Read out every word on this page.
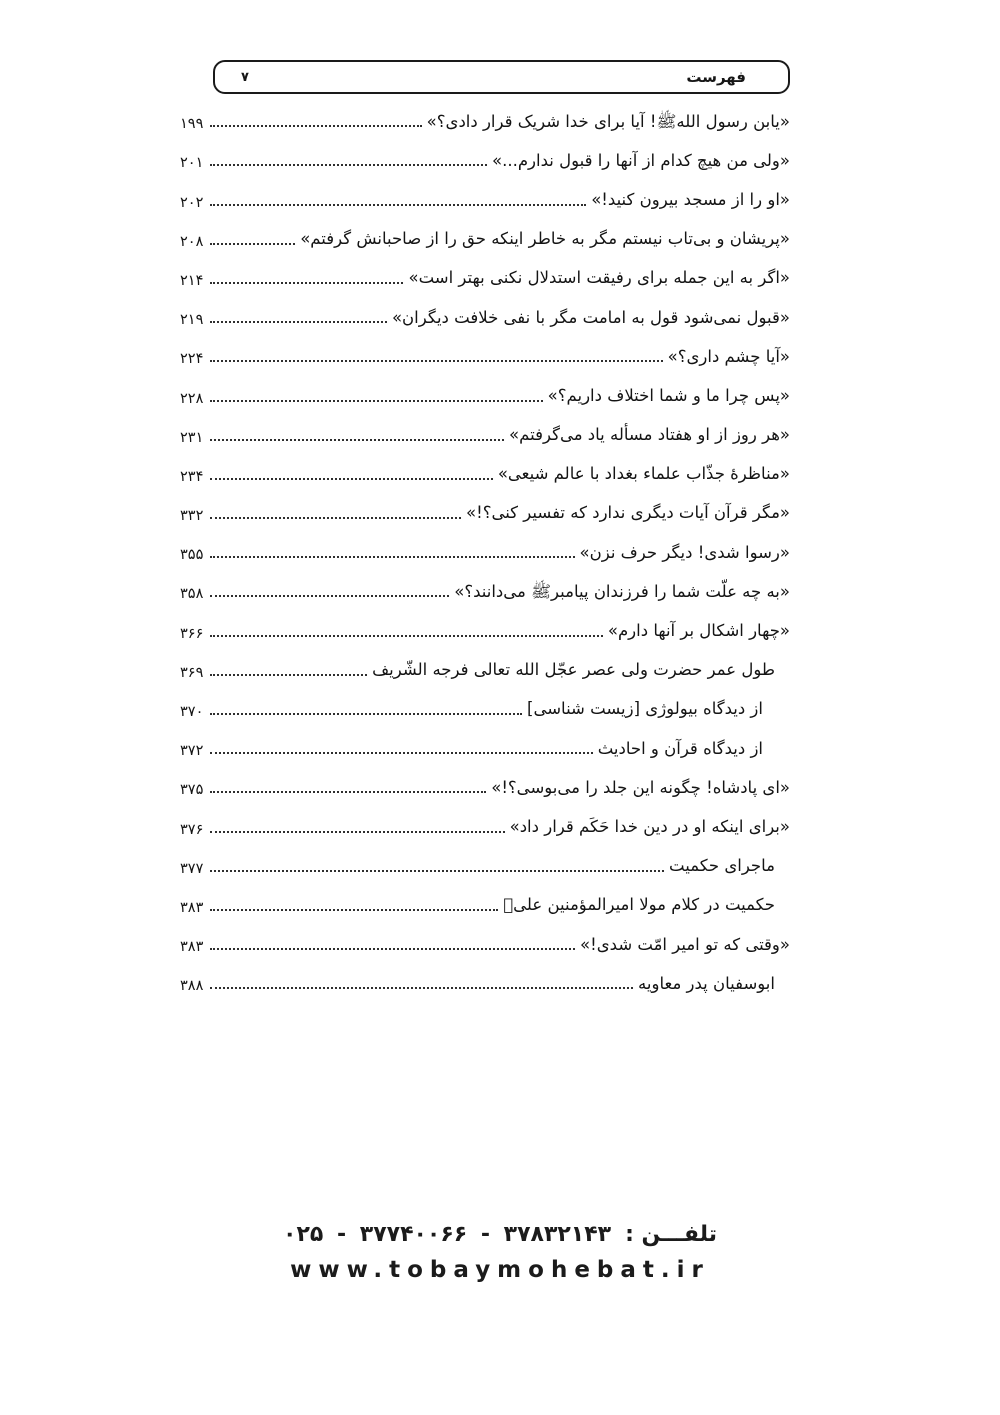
فهرست
۷
«یابن رسول الله‌ﷺ! آیا برای خدا شریک قرار دادی؟»
۱۹۹
«ولی من هیچ کدام از آنها را قبول ندارم...»
۲۰۱
«او را از مسجد بیرون کنید!»
۲۰۲
«پریشان و بی‌تاب نیستم مگر به خاطر اینکه حق را از صاحبانش گرفتم»
۲۰۸
«اگر به این جمله برای رفیقت استدلال نکنی بهتر است»
۲۱۴
«قبول نمی‌شود قول به امامت مگر با نفی خلافت دیگران»
۲۱۹
«آیا چشم داری؟»
۲۲۴
«پس چرا ما و شما اختلاف داریم؟»
۲۲۸
«هر روز از او هفتاد مسأله یاد می‌گرفتم»
۲۳۱
«مناظرۀ جذّاب علماء بغداد با عالم شیعی»
۲۳۴
«مگر قرآن آیات دیگری ندارد که تفسیر کنی؟!»
۳۳۲
«رسوا شدی! دیگر حرف نزن»
۳۵۵
«به چه علّت شما را فرزندان پیامبرﷺ می‌دانند؟»
۳۵۸
«چهار اشکال بر آنها دارم»
۳۶۶
طول عمر حضرت ولی عصر عجّل الله تعالی فرجه الشّریف
۳۶۹
از دیدگاه بیولوژی [زیست شناسی]
۳۷۰
از دیدگاه قرآن و احادیث
۳۷۲
«ای پادشاه! چگونه این جلد را می‌بوسی؟!»
۳۷۵
«برای اینکه او در دین خدا حَکَم قرار داد»
۳۷۶
ماجرای حکمیت
۳۷۷
حکمیت در کلام مولا امیرالمؤمنین علیؑ
۳۸۳
«وقتی که تو امیر امّت شدی!»
۳۸۳
ابوسفیان پدر معاویه
۳۸۸
تلفـــن :
۳۷۸۳۲۱۴۳ - ۳۷۷۴۰۰۶۶ - ۰۲۵
www.tobaymohebat.ir
